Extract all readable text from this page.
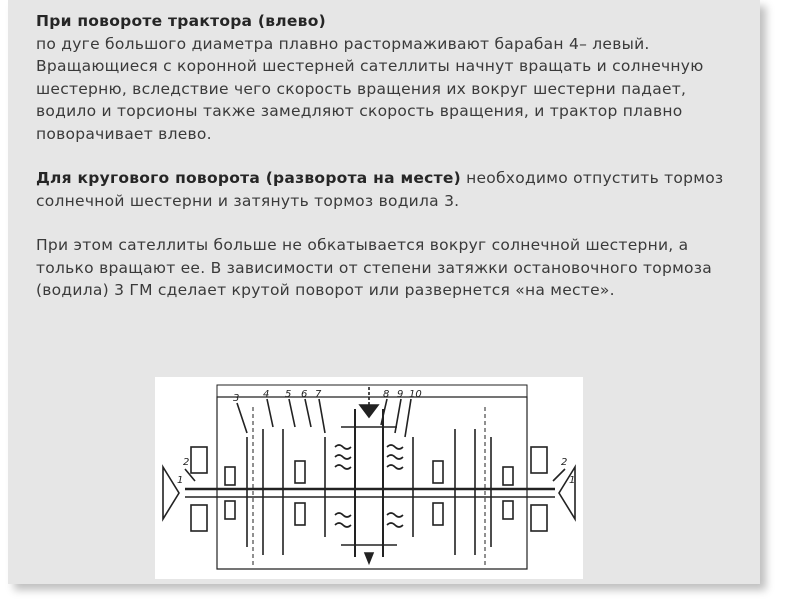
При повороте трактора (влево)
по дуге большого диаметра плавно растормаживают барабан 4– левый. Вращающиеся с коронной шестерней сателлиты начнут вращать и солнечную шестерню, вследствие чего скорость вращения их вокруг шестерни падает, водило и торсионы также замедляют скорость вращения, и трактор плавно поворачивает влево.

Для кругового поворота (разворота на месте) необходимо отпустить тормоз солнечной шестерни и затянуть тормоз водила 3.

При этом сателлиты больше не обкатывается вокруг солнечной шестерни, а только вращают ее. В зависимости от степени затяжки остановочного тормоза (водила) 3 ГМ сделает крутой поворот или развернется «на месте».

1
2
3 4 5 6 7	8 9 10
2
1
